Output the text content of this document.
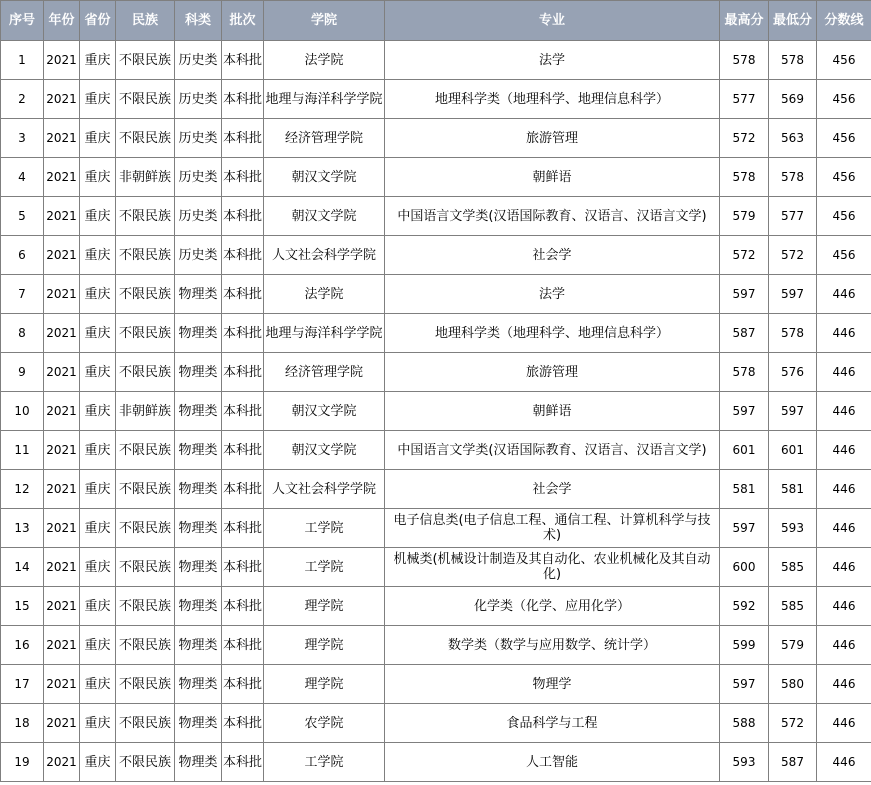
序号	年份	省份	民族	科类	批次	学院	专业	最高分	最低分	分数线
1	2021	重庆	不限民族	历史类	本科批	法学院	法学	578	578	456
2	2021	重庆	不限民族	历史类	本科批	地理与海洋科学学院	地理科学类（地理科学、地理信息科学）	577	569	456
3	2021	重庆	不限民族	历史类	本科批	经济管理学院	旅游管理	572	563	456
4	2021	重庆	非朝鲜族	历史类	本科批	朝汉文学院	朝鲜语	578	578	456
5	2021	重庆	不限民族	历史类	本科批	朝汉文学院	中国语言文学类(汉语国际教育、汉语言、汉语言文学)	579	577	456
6	2021	重庆	不限民族	历史类	本科批	人文社会科学学院	社会学	572	572	456
7	2021	重庆	不限民族	物理类	本科批	法学院	法学	597	597	446
8	2021	重庆	不限民族	物理类	本科批	地理与海洋科学学院	地理科学类（地理科学、地理信息科学）	587	578	446
9	2021	重庆	不限民族	物理类	本科批	经济管理学院	旅游管理	578	576	446
10	2021	重庆	非朝鲜族	物理类	本科批	朝汉文学院	朝鲜语	597	597	446
11	2021	重庆	不限民族	物理类	本科批	朝汉文学院	中国语言文学类(汉语国际教育、汉语言、汉语言文学)	601	601	446
12	2021	重庆	不限民族	物理类	本科批	人文社会科学学院	社会学	581	581	446
13	2021	重庆	不限民族	物理类	本科批	工学院	电子信息类(电子信息工程、通信工程、计算机科学与技术)	597	593	446
14	2021	重庆	不限民族	物理类	本科批	工学院	机械类(机械设计制造及其自动化、农业机械化及其自动化)	600	585	446
15	2021	重庆	不限民族	物理类	本科批	理学院	化学类（化学、应用化学）	592	585	446
16	2021	重庆	不限民族	物理类	本科批	理学院	数学类（数学与应用数学、统计学）	599	579	446
17	2021	重庆	不限民族	物理类	本科批	理学院	物理学	597	580	446
18	2021	重庆	不限民族	物理类	本科批	农学院	食品科学与工程	588	572	446
19	2021	重庆	不限民族	物理类	本科批	工学院	人工智能	593	587	446
